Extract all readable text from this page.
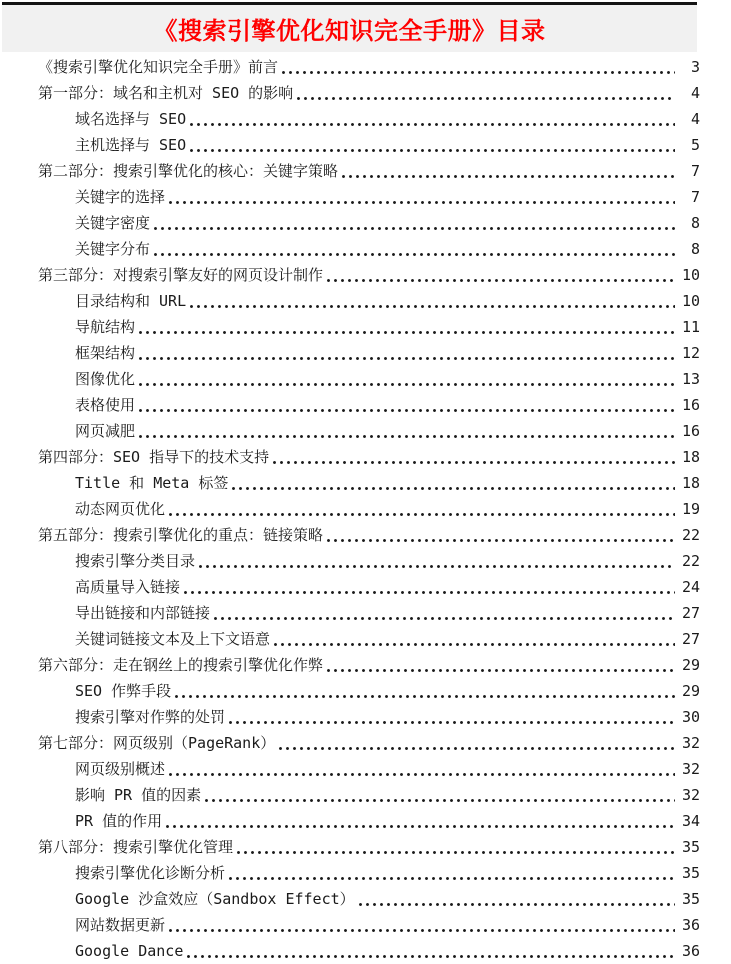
《搜索引擎优化知识完全手册》目录
《搜索引擎优化知识完全手册》前言	3
第一部分：域名和主机对 SEO 的影响	4
域名选择与 SEO	4
主机选择与 SEO	5
第二部分：搜索引擎优化的核心：关键字策略	7
关键字的选择	7
关键字密度	8
关键字分布	8
第三部分：对搜索引擎友好的网页设计制作	10
目录结构和 URL	10
导航结构	11
框架结构	12
图像优化	13
表格使用	16
网页减肥	16
第四部分：SEO 指导下的技术支持	18
Title 和 Meta 标签	18
动态网页优化	19
第五部分：搜索引擎优化的重点：链接策略	22
搜索引擎分类目录	22
高质量导入链接	24
导出链接和内部链接	27
关键词链接文本及上下文语意	27
第六部分：走在钢丝上的搜索引擎优化作弊	29
SEO 作弊手段	29
搜索引擎对作弊的处罚	30
第七部分：网页级别（PageRank）	32
网页级别概述	32
影响 PR 值的因素	32
PR 值的作用	34
第八部分：搜索引擎优化管理	35
搜索引擎优化诊断分析	35
Google 沙盒效应（Sandbox Effect）	35
网站数据更新	36
Google Dance	36
